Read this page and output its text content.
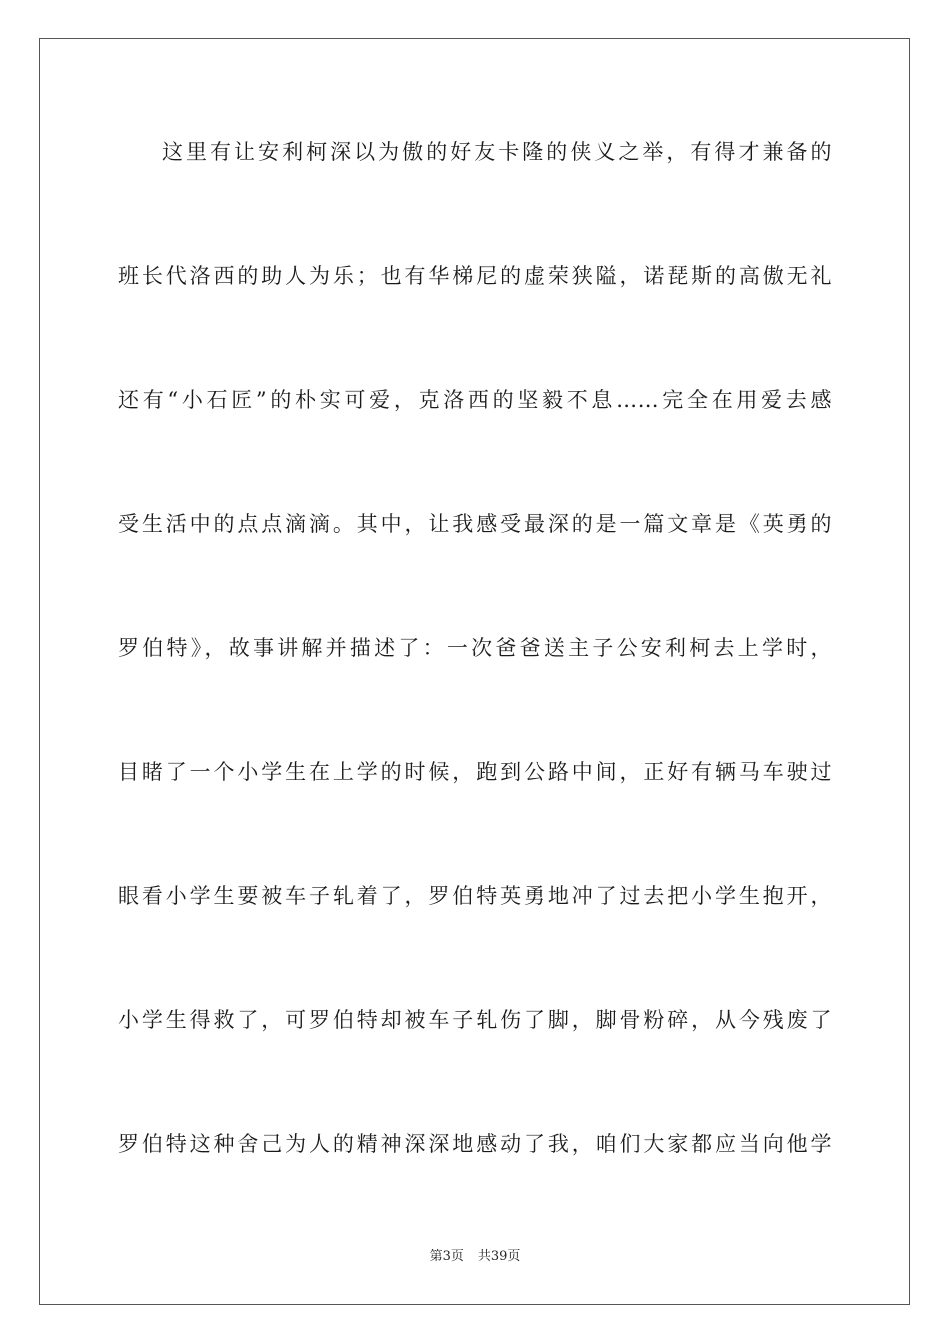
这里有让安利柯深以为傲的好友卡隆的侠义之举，有得才兼备的
班长代洛西的助人为乐；也有华梯尼的虚荣狭隘，诺琵斯的高傲无礼
还有“小石匠”的朴实可爱，克洛西的坚毅不息……完全在用爱去感
受生活中的点点滴滴。其中，让我感受最深的是一篇文章是《英勇的
罗伯特》，故事讲解并描述了：一次爸爸送主子公安利柯去上学时，
目睹了一个小学生在上学的时候，跑到公路中间，正好有辆马车驶过
眼看小学生要被车子轧着了，罗伯特英勇地冲了过去把小学生抱开，
小学生得救了，可罗伯特却被车子轧伤了脚，脚骨粉碎，从今残废了
罗伯特这种舍己为人的精神深深地感动了我，咱们大家都应当向他学
第3页 共39页
